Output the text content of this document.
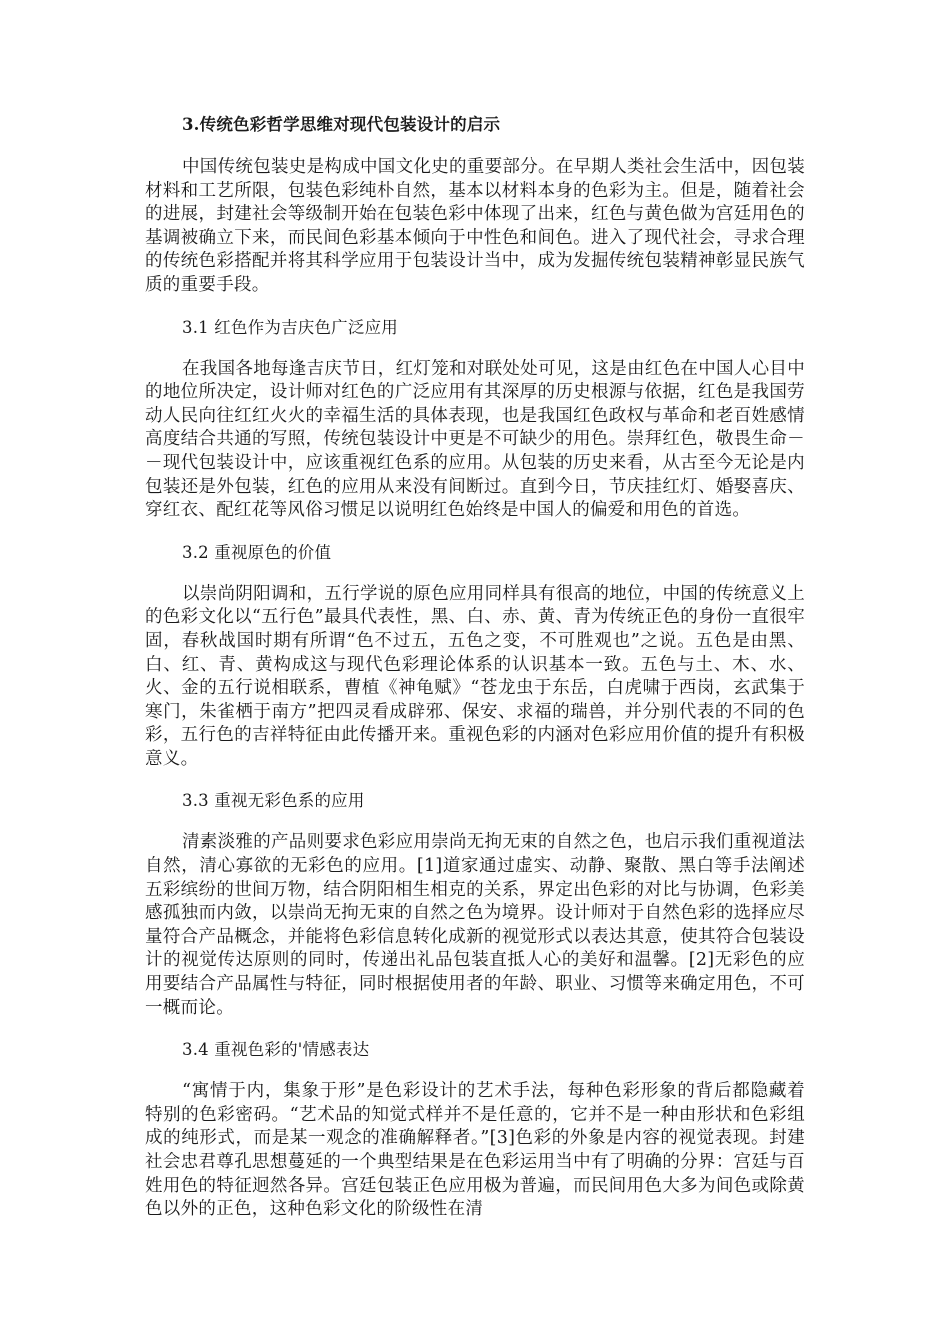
3.传统色彩哲学思维对现代包装设计的启示
中国传统包装史是构成中国文化史的重要部分。在早期人类社会生活中，因包装材料和工艺所限，包装色彩纯朴自然，基本以材料本身的色彩为主。但是，随着社会的进展，封建社会等级制开始在包装色彩中体现了出来，红色与黄色做为宫廷用色的基调被确立下来，而民间色彩基本倾向于中性色和间色。进入了现代社会，寻求合理的传统色彩搭配并将其科学应用于包装设计当中，成为发掘传统包装精神彰显民族气质的重要手段。
3.1 红色作为吉庆色广泛应用
在我国各地每逢吉庆节日，红灯笼和对联处处可见，这是由红色在中国人心目中的地位所决定，设计师对红色的广泛应用有其深厚的历史根源与依据，红色是我国劳动人民向往红红火火的幸福生活的具体表现，也是我国红色政权与革命和老百姓感情高度结合共通的写照，传统包装设计中更是不可缺少的用色。崇拜红色，敬畏生命－－现代包装设计中，应该重视红色系的应用。从包装的历史来看，从古至今无论是内包装还是外包装，红色的应用从来没有间断过。直到今日，节庆挂红灯、婚娶喜庆、穿红衣、配红花等风俗习惯足以说明红色始终是中国人的偏爱和用色的首选。
3.2 重视原色的价值
以崇尚阴阳调和，五行学说的原色应用同样具有很高的地位，中国的传统意义上的色彩文化以“五行色”最具代表性，黑、白、赤、黄、青为传统正色的身份一直很牢固，春秋战国时期有所谓“色不过五，五色之变，不可胜观也”之说。五色是由黑、白、红、青、黄构成这与现代色彩理论体系的认识基本一致。五色与土、木、水、火、金的五行说相联系，曹植《神龟赋》“苍龙虫于东岳，白虎啸于西岗，玄武集于寒门，朱雀栖于南方”把四灵看成辟邪、保安、求福的瑞兽，并分别代表的不同的色彩，五行色的吉祥特征由此传播开来。重视色彩的内涵对色彩应用价值的提升有积极意义。
3.3 重视无彩色系的应用
清素淡雅的产品则要求色彩应用崇尚无拘无束的自然之色，也启示我们重视道法自然，清心寡欲的无彩色的应用。[1]道家通过虚实、动静、聚散、黑白等手法阐述五彩缤纷的世间万物，结合阴阳相生相克的关系，界定出色彩的对比与协调，色彩美感孤独而内敛，以崇尚无拘无束的自然之色为境界。设计师对于自然色彩的选择应尽量符合产品概念，并能将色彩信息转化成新的视觉形式以表达其意，使其符合包装设计的视觉传达原则的同时，传递出礼品包装直抵人心的美好和温馨。[2]无彩色的应用要结合产品属性与特征，同时根据使用者的年龄、职业、习惯等来确定用色，不可一概而论。
3.4 重视色彩的'情感表达
“寓情于内，集象于形”是色彩设计的艺术手法，每种色彩形象的背后都隐藏着特别的色彩密码。“艺术品的知觉式样并不是任意的，它并不是一种由形状和色彩组成的纯形式，而是某一观念的准确解释者。”[3]色彩的外象是内容的视觉表现。封建社会忠君尊孔思想蔓延的一个典型结果是在色彩运用当中有了明确的分界：宫廷与百姓用色的特征迥然各异。宫廷包装正色应用极为普遍，而民间用色大多为间色或除黄色以外的正色，这种色彩文化的阶级性在清
